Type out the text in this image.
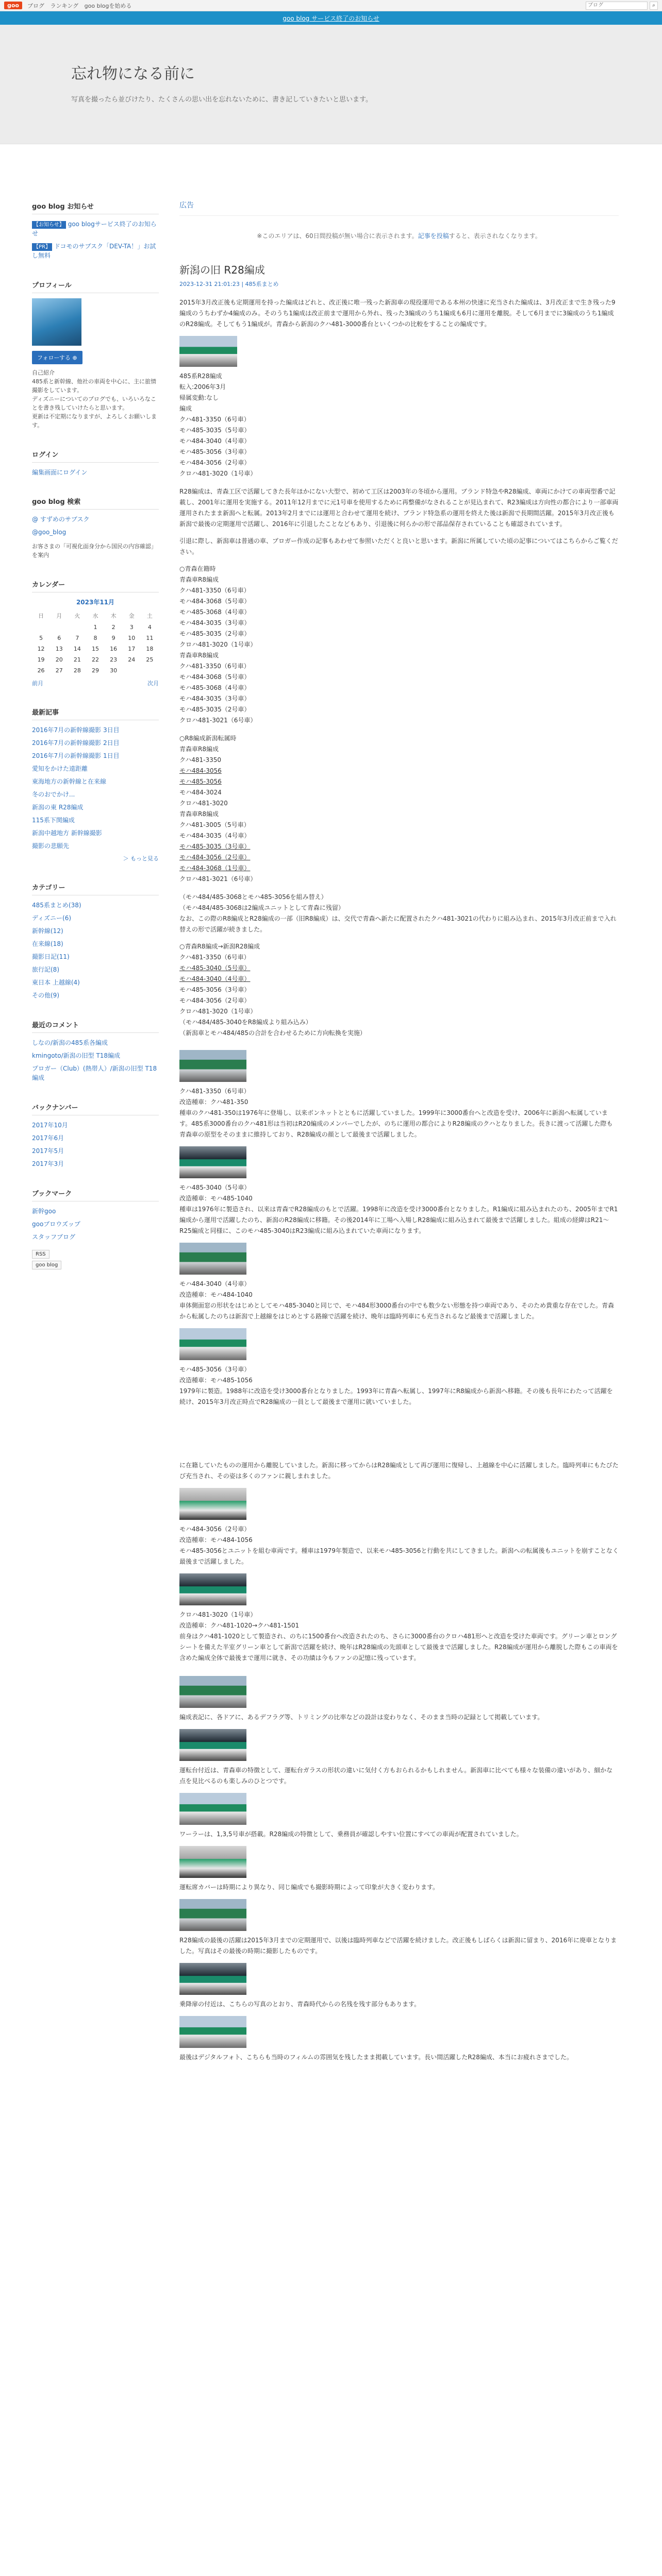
goo	ブログ ランキング goo blogを始める
ブログ	⌕
goo blog サービス終了のお知らせ
忘れ物になる前に
写真を撮ったら並びけたり、たくさんの思い出を忘れないために、書き記していきたいと思います。
goo blog お知らせ
【お知らせ】 goo blogサービス終了のお知らせ
【PR】 ドコモのサブスク「DEV-TA！」お試し無料
プロフィール
フォローする ⊕
自己紹介
485系と新幹線、他社の車両を中心に、主に旅情撮影をしています。
ディズニーについてのブログでも、いろいろなことを書き残していけたらと思います。
更新は不定期になりますが、よろしくお願いします。
ログイン
編集画面にログイン
goo blog 検索
@ すずめのサブスク
@goo_blog
お客さまの「可視化面身分から国民の内容確認」を案内
カレンダー
2023年11月
日	月	火	水	木	金	土
			1	2	3	4
5	6	7	8	9	10	11
12	13	14	15	16	17	18
19	20	21	22	23	24	25
26	27	28	29	30		
前月	次月
最新記事
2016年7月の新幹線撮影 3日目
2016年7月の新幹線撮影 2日目
2016年7月の新幹線撮影 1日目
愛知をかけた遠距離
東海地方の新幹線と在来線
冬のおでかけ...
新潟の東 R28編成
115系下関編成
新潟中越地方 新幹線撮影
撮影の悲願先
＞ もっと見る
カテゴリー
485系まとめ(38)
ディズニー(6)
新幹線(12)
在来線(18)
撮影日記(11)
旅行記(8)
東日本 上越線(4)
その他(9)
最近のコメント
しなの/新潟の485系各編成
kmingoto/新潟の旧型 T18編成
プロガー（Club）(熱帯人）/新潟の旧型 T18編成
バックナンバー
2017年10月
2017年6月
2017年5月
2017年3月
ブックマーク
新幹goo
gooブロウズップ
スタッフブログ
RSS
goo blog
広告
※このエリアは、60日間投稿が無い場合に表示されます。記事を投稿すると、表示されなくなります。
新潟の旧 R28編成
2023-12-31 21:01:23 | 485系まとめ

2015年3月改正後も定期運用を持った編成はどれと、改正後に唯一残った新潟車の現役運用である本州の快速に充当された編成は、3月改正まで生き残った9編成のうちわずか4編成のみ。そのうち1編成は改正前まで運用から外れ、残った3編成のうち1編成も6月に運用を離脱。そして6月までに3編成のうち1編成のR28編成。そしてもう1編成が。青森から新潟のクハ481-3000番台といくつかの比較をすることの編成です。

485系R28編成
転入:2006年3月
帰属変動:なし
編成
クハ481-3350（6号車）
モハ485-3035（5号車）
モハ484-3040（4号車）
モハ485-3056（3号車）
モハ484-3056（2号車）
クロハ481-3020（1号車）

R28編成は、青森工区で活躍してきた長年ほかにない大型で、初めて工区は2003年の冬頃から運用。ブランド特急やR28編成、車両にかけての車両型番で記載し、2001年に運用を実施する。2011年12月までに元1号車を使用するために再整備がなされることが見込まれて、R23編成は方向性の都合により一部車両運用されたまま新潟へと転属。2013年2月までには運用と合わせて運用を続け、ブランド特急系の運用を終えた後は新潟で長期間活躍。2015年3月改正後も新潟で最後の定期運用で活躍し、2016年に引退したことなどもあり、引退後に何らかの形で部品保存されていることも確認されています。

引退に際し、新潟車は普通の車、ブロガー作成の記事もあわせて参照いただくと良いと思います。新潟に所属していた頃の記事についてはこちらからご覧ください。

○青森在籍時
青森車R8編成
クハ481-3350（6号車）
モハ484-3068（5号車）
モハ485-3068（4号車）
モハ484-3035（3号車）
モハ485-3035（2号車）
クロハ481-3020（1号車）
青森車R8編成
クハ481-3350（6号車）
モハ484-3068（5号車）
モハ485-3068（4号車）
モハ484-3035（3号車）
モハ485-3035（2号車）
クロハ481-3021（6号車）
○R8編成新潟転属時
青森車R8編成
クハ481-3350
モハ484-3056
モハ485-3056
モハ484-3024
クロハ481-3020
青森車R8編成
クハ481-3005（5号車）
モハ484-3035（4号車）
モハ485-3035（3号車）
モハ484-3056（2号車）
モハ484-3068（1号車）
クロハ481-3021（6号車）

（モハ484/485-3068とモハ485-3056を組み替え）
（モハ484/485-3068は2編成ユニットとして青森に残留）
なお、この際のR8編成とR28編成の一部（旧R8編成）は、交代で青森へ新たに配置されたクハ481-3021の代わりに組み込まれ、2015年3月改正前まで入れ替えの形で活躍が続きました。

○青森R8編成→新潟R28編成
クハ481-3350（6号車）
モハ485-3040（5号車）
モハ484-3040（4号車）
モハ485-3056（3号車）
モハ484-3056（2号車）
クロハ481-3020（1号車）
（モハ484/485-3040をR8編成より組み込み）
（新潟車とモハ484/485の合計を合わせるために方向転換を実施）
クハ481-3350（6号車）
改造種車：クハ481-350

種車のクハ481-350は1976年に登場し、以来ボンネットとともに活躍していました。1999年に3000番台へと改造を受け、2006年に新潟へ転属しています。485系3000番台のクハ481形は当初はR20編成のメンバーでしたが、のちに運用の都合によりR28編成のクハとなりました。長きに渡って活躍した際も青森車の原型をそのままに維持しており、R28編成の顔として最後まで活躍しました。

モハ485-3040（5号車）
改造種車：モハ485-1040

種車は1976年に製造され、以来は青森でR28編成のもとで活躍。1998年に改造を受け3000番台となりました。R1編成に組み込まれたのち、2005年までR1編成から運用で活躍したのち、新潟のR28編成に移籍。その後2014年に工場へ入場しR28編成に組み込まれて最後まで活躍しました。組成の経緯はR21〜R25編成と同様に、このモハ485-3040はR23編成に組み込まれていた車両になります。

モハ484-3040（4号車）
改造種車：モハ484-1040

車体側面窓の形状をはじめとしてモハ485-3040と同じで、モハ484形3000番台の中でも数少ない形態を持つ車両であり、そのため貴重な存在でした。青森から転属したのちは新潟で上越線をはじめとする路線で活躍を続け、晩年は臨時列車にも充当されるなど最後まで活躍しました。

モハ485-3056（3号車）
改造種車：モハ485-1056

1979年に製造。1988年に改造を受け3000番台となりました。1993年に青森へ転属し、1997年にR8編成から新潟へ移籍。その後も長年にわたって活躍を続け、2015年3月改正時点でR28編成の一員として最後まで運用に就いていました。

に在籍していたものの運用から離脱していました。新潟に移ってからはR28編成として再び運用に復帰し、上越線を中心に活躍しました。臨時列車にもたびたび充当され、その姿は多くのファンに親しまれました。

モハ484-3056（2号車）
改造種車：モハ484-1056

モハ485-3056とユニットを組む車両です。種車は1979年製造で、以来モハ485-3056と行動を共にしてきました。新潟への転属後もユニットを崩すことなく最後まで活躍しました。

クロハ481-3020（1号車）
改造種車：クハ481-1020→クハ481-1501

前身はクハ481-1020として製造され、のちに1500番台へ改造されたのち、さらに3000番台のクロハ481形へと改造を受けた車両です。グリーン車とロングシートを備えた半室グリーン車として新潟で活躍を続け、晩年はR28編成の先頭車として最後まで活躍しました。R28編成が運用から離脱した際もこの車両を含めた編成全体で最後まで運用に就き、その功績は今もファンの記憶に残っています。

編成表記に、各ドアに、あるデフラグ等、トリミングの比率などの設計は変わりなく、そのまま当時の記録として掲載しています。

運転台付近は、青森車の特徴として、運転台ガラスの形状の違いに気付く方もおられるかもしれません。新潟車に比べても様々な装備の違いがあり、細かな点を見比べるのも楽しみのひとつです。

ワーラーは、1,3,5号車が搭載。R28編成の特徴として、乗務員が確認しやすい位置にすべての車両が配置されていました。

運転席カバーは時期により異なり、同じ編成でも撮影時期によって印象が大きく変わります。

R28編成の最後の活躍は2015年3月までの定期運用で、以後は臨時列車などで活躍を続けました。改正後もしばらくは新潟に留まり、2016年に廃車となりました。写真はその最後の時期に撮影したものです。

乗降扉の付近は、こちらの写真のとおり、青森時代からの名残を残す部分もあります。

最後はデジタルフォト、こちらも当時のフィルムの雰囲気を残したまま掲載しています。長い間活躍したR28編成、本当にお疲れさまでした。
